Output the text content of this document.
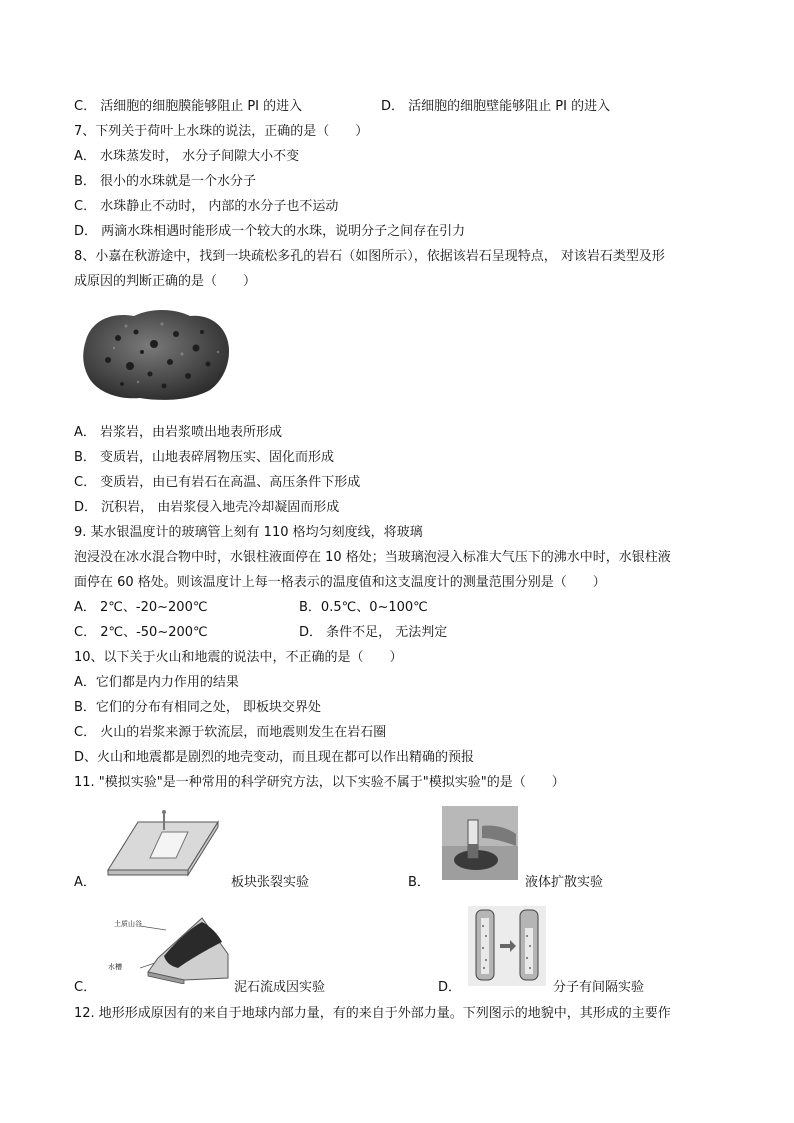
C． 活细胞的细胞膜能够阻止 PI 的进入	D． 活细胞的细胞壁能够阻止 PI 的进入
7、下列关于荷叶上水珠的说法，正确的是（　　）
A． 水珠蒸发时， 水分子间隙大小不变
B． 很小的水珠就是一个水分子
C． 水珠静止不动时， 内部的水分子也不运动
D． 两滴水珠相遇时能形成一个较大的水珠，说明分子之间存在引力
8、小嘉在秋游途中，找到一块疏松多孔的岩石（如图所示），依据该岩石呈现特点， 对该岩石类型及形
成原因的判断正确的是（　　）
A． 岩浆岩，由岩浆喷出地表所形成
B． 变质岩，山地表碎屑物压实、固化而形成
C． 变质岩，由已有岩石在高温、高压条件下形成
D． 沉积岩， 由岩浆侵入地壳冷却凝固而形成
9. 某水银温度计的玻璃管上刻有 110 格均匀刻度线，将玻璃
泡浸没在冰水混合物中时，水银柱液面停在 10 格处；当玻璃泡浸入标准大气压下的沸水中时，水银柱液
面停在 60 格处。则该温度计上每一格表示的温度值和这支温度计的测量范围分别是（　　）
A． 2℃、-20~200℃	B．0.5℃、0~100℃
C． 2℃、-50~200℃	D． 条件不足， 无法判定
10、以下关于火山和地震的说法中，不正确的是（　　）
A．它们都是内力作用的结果
B．它们的分布有相同之处， 即板块交界处
C． 火山的岩浆来源于软流层，而地震则发生在岩石圈
D、火山和地震都是剧烈的地壳变动，而且现在都可以作出精确的预报
11. "模拟实验"是一种常用的科学研究方法，以下实验不属于"模拟实验"的是（　　）
A．	板块张裂实验	B．	液体扩散实验
土质山谷
水槽
C．	泥石流成因实验	D．	分子有间隔实验
12. 地形形成原因有的来自于地球内部力量，有的来自于外部力量。下列图示的地貌中，其形成的主要作
